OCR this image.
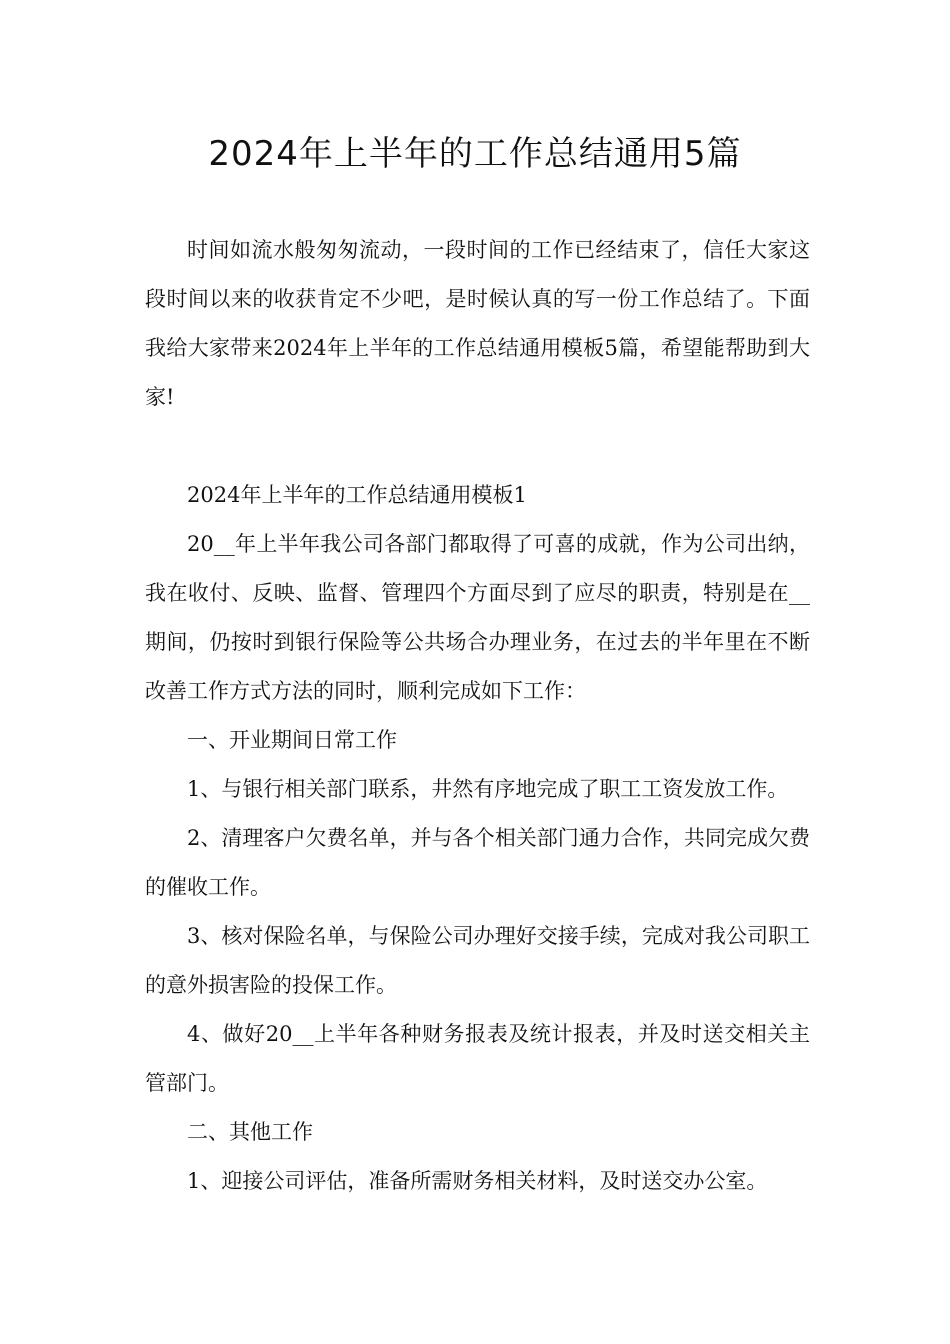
2024年上半年的工作总结通用5篇

时间如流水般匆匆流动，一段时间的工作已经结束了，信任大家这段时间以来的收获肯定不少吧，是时候认真的写一份工作总结了。下面我给大家带来2024年上半年的工作总结通用模板5篇，希望能帮助到大家!

2024年上半年的工作总结通用模板1

20__年上半年我公司各部门都取得了可喜的成就，作为公司出纳，我在收付、反映、监督、管理四个方面尽到了应尽的职责，特别是在__期间，仍按时到银行保险等公共场合办理业务，在过去的半年里在不断改善工作方式方法的同时，顺利完成如下工作：

一、开业期间日常工作

1、与银行相关部门联系，井然有序地完成了职工工资发放工作。

2、清理客户欠费名单，并与各个相关部门通力合作，共同完成欠费的催收工作。

3、核对保险名单，与保险公司办理好交接手续，完成对我公司职工的意外损害险的投保工作。

4、做好20__上半年各种财务报表及统计报表，并及时送交相关主管部门。

二、其他工作

1、迎接公司评估，准备所需财务相关材料，及时送交办公室。
